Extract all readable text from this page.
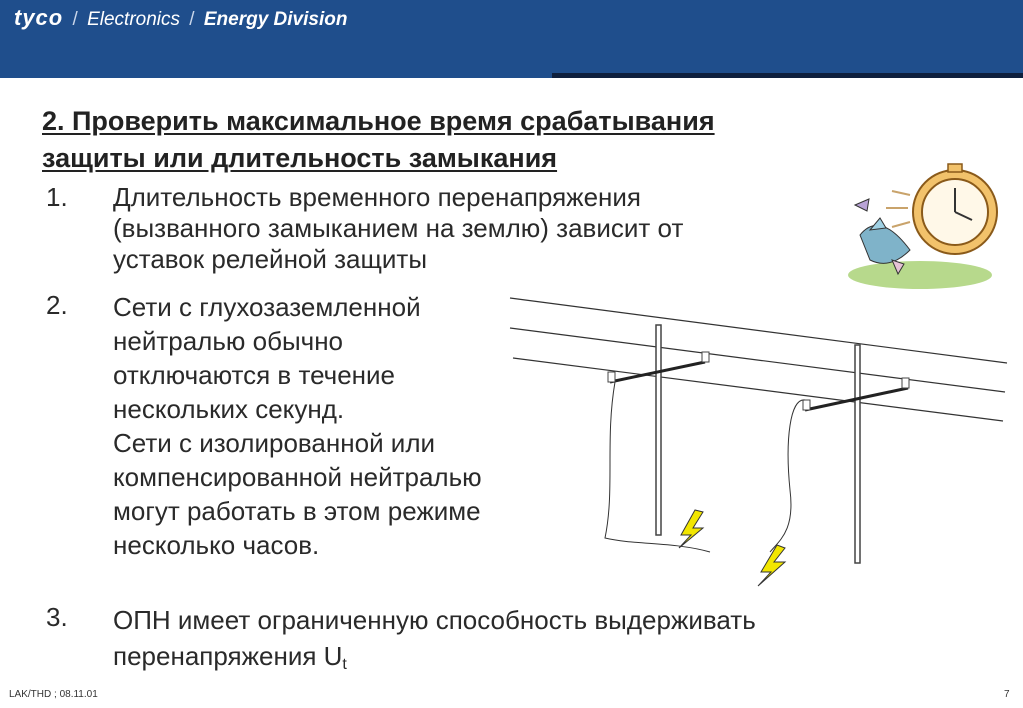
tyco / Electronics / Energy Division
2. Проверить максимальное время срабатывания
защиты или длительность замыкания
1.	Длительность временного перенапряжения
(вызванного замыканием на землю) зависит от
уставок релейной защиты
2.	Сети с глухозаземленной
нейтралью обычно
отключаются в течение
нескольких секунд.
Сети с изолированной или
компенсированной нейтралью
могут работать в этом режиме
несколько часов.
3.	ОПН имеет ограниченную способность выдерживать
перенапряжения $U_t$
LAK/THD ; 08.11.01	7
